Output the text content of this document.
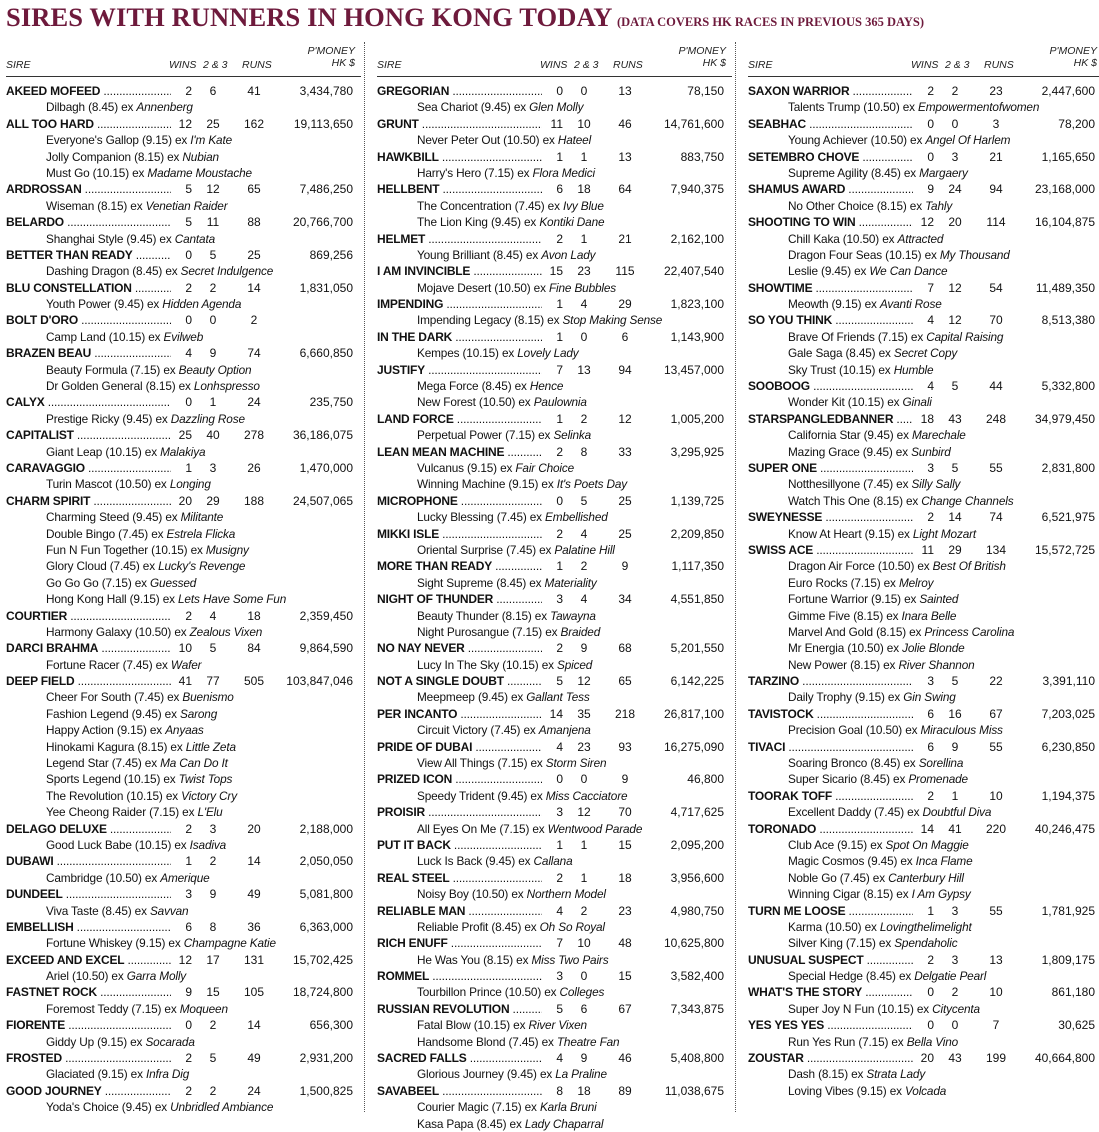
SIRES WITH RUNNERS IN HONG KONG TODAY (DATA COVERS HK RACES IN PREVIOUS 365 DAYS)
SIRE	WINS 2 & 3 RUNS
P'MONEY
HK $
AKEED MOFEED .....	2	6	41	3,434,780
Dilbagh (8.45) ex Annenberg
ALL TOO HARD .....	12	25	162	19,113,650
Everyone's Gallop (9.15) ex I'm Kate
Jolly Companion (8.15) ex Nubian
Must Go (10.15) ex Madame Moustache
ARDROSSAN .....	5	12	65	7,486,250
Wiseman (8.15) ex Venetian Raider
BELARDO .....	5	11	88	20,766,700
Shanghai Style (9.45) ex Cantata
BETTER THAN READY .....	0	5	25	869,256
Dashing Dragon (8.45) ex Secret Indulgence
BLU CONSTELLATION .....	2	2	14	1,831,050
Youth Power (9.45) ex Hidden Agenda
BOLT D'ORO .....	0	0	2
Camp Land (10.15) ex Evilweb
BRAZEN BEAU .....	4	9	74	6,660,850
Beauty Formula (7.15) ex Beauty Option
Dr Golden General (8.15) ex Lonhspresso
CALYX .....	0	1	24	235,750
Prestige Ricky (9.45) ex Dazzling Rose
CAPITALIST .....	25	40	278	36,186,075
Giant Leap (10.15) ex Malakiya
CARAVAGGIO .....	1	3	26	1,470,000
Turin Mascot (10.50) ex Longing
CHARM SPIRIT .....	20	29	188	24,507,065
Charming Steed (9.45) ex Militante
Double Bingo (7.45) ex Estrela Flicka
Fun N Fun Together (10.15) ex Musigny
Glory Cloud (7.45) ex Lucky's Revenge
Go Go Go (7.15) ex Guessed
Hong Kong Hall (9.15) ex Lets Have Some Fun
COURTIER .....	2	4	18	2,359,450
Harmony Galaxy (10.50) ex Zealous Vixen
DARCI BRAHMA .....	10	5	84	9,864,590
Fortune Racer (7.45) ex Wafer
DEEP FIELD .....	41	77	505	103,847,046
Cheer For South (7.45) ex Buenismo
Fashion Legend (9.45) ex Sarong
Happy Action (9.15) ex Anyaas
Hinokami Kagura (8.15) ex Little Zeta
Legend Star (7.45) ex Ma Can Do It
Sports Legend (10.15) ex Twist Tops
The Revolution (10.15) ex Victory Cry
Yee Cheong Raider (7.15) ex L'Elu
DELAGO DELUXE .....	2	3	20	2,188,000
Good Luck Babe (10.15) ex Isadiva
DUBAWI .....	1	2	14	2,050,050
Cambridge (10.50) ex Amerique
DUNDEEL .....	3	9	49	5,081,800
Viva Taste (8.45) ex Savvan
EMBELLISH .....	6	8	36	6,363,000
Fortune Whiskey (9.15) ex Champagne Katie
EXCEED AND EXCEL .....	12	17	131	15,702,425
Ariel (10.50) ex Garra Molly
FASTNET ROCK .....	9	15	105	18,724,800
Foremost Teddy (7.15) ex Moqueen
FIORENTE .....	0	2	14	656,300
Giddy Up (9.15) ex Socarada
FROSTED .....	2	5	49	2,931,200
Glaciated (9.15) ex Infra Dig
GOOD JOURNEY .....	2	2	24	1,500,825
Yoda's Choice (9.45) ex Unbridled Ambiance
SIRE	WINS 2 & 3 RUNS
P'MONEY
HK $
GREGORIAN .....	0	0	13	78,150
Sea Chariot (9.45) ex Glen Molly
GRUNT .....	11	10	46	14,761,600
Never Peter Out (10.50) ex Hateel
HAWKBILL .....	1	1	13	883,750
Harry's Hero (7.15) ex Flora Medici
HELLBENT .....	6	18	64	7,940,375
The Concentration (7.45) ex Ivy Blue
The Lion King (9.45) ex Kontiki Dane
HELMET .....	2	1	21	2,162,100
Young Brilliant (8.45) ex Avon Lady
I AM INVINCIBLE .....	15	23	115	22,407,540
Mojave Desert (10.50) ex Fine Bubbles
IMPENDING .....	1	4	29	1,823,100
Impending Legacy (8.15) ex Stop Making Sense
IN THE DARK .....	1	0	6	1,143,900
Kempes (10.15) ex Lovely Lady
JUSTIFY .....	7	13	94	13,457,000
Mega Force (8.45) ex Hence
New Forest (10.50) ex Paulownia
LAND FORCE .....	1	2	12	1,005,200
Perpetual Power (7.15) ex Selinka
LEAN MEAN MACHINE .....	2	8	33	3,295,925
Vulcanus (9.15) ex Fair Choice
Winning Machine (9.15) ex It's Poets Day
MICROPHONE .....	0	5	25	1,139,725
Lucky Blessing (7.45) ex Embellished
MIKKI ISLE .....	2	4	25	2,209,850
Oriental Surprise (7.45) ex Palatine Hill
MORE THAN READY .....	1	2	9	1,117,350
Sight Supreme (8.45) ex Materiality
NIGHT OF THUNDER .....	3	4	34	4,551,850
Beauty Thunder (8.15) ex Tawayna
Night Purosangue (7.15) ex Braided
NO NAY NEVER .....	2	9	68	5,201,550
Lucy In The Sky (10.15) ex Spiced
NOT A SINGLE DOUBT .....	5	12	65	6,142,225
Meepmeep (9.45) ex Gallant Tess
PER INCANTO .....	14	35	218	26,817,100
Circuit Victory (7.45) ex Amanjena
PRIDE OF DUBAI .....	4	23	93	16,275,090
View All Things (7.15) ex Storm Siren
PRIZED ICON .....	0	0	9	46,800
Speedy Trident (9.45) ex Miss Cacciatore
PROISIR .....	3	12	70	4,717,625
All Eyes On Me (7.15) ex Wentwood Parade
PUT IT BACK .....	1	1	15	2,095,200
Luck Is Back (9.45) ex Callana
REAL STEEL .....	2	1	18	3,956,600
Noisy Boy (10.50) ex Northern Model
RELIABLE MAN .....	4	2	23	4,980,750
Reliable Profit (8.45) ex Oh So Royal
RICH ENUFF .....	7	10	48	10,625,800
He Was You (8.15) ex Miss Two Pairs
ROMMEL .....	3	0	15	3,582,400
Tourbillon Prince (10.50) ex Colleges
RUSSIAN REVOLUTION .....	5	6	67	7,343,875
Fatal Blow (10.15) ex River Vixen
Handsome Blond (7.45) ex Theatre Fan
SACRED FALLS .....	4	9	46	5,408,800
Glorious Journey (9.45) ex La Praline
SAVABEEL .....	8	18	89	11,038,675
Courier Magic (7.15) ex Karla Bruni
Kasa Papa (8.45) ex Lady Chaparral
SIRE	WINS 2 & 3 RUNS
P'MONEY
HK $
SAXON WARRIOR .....	2	2	23	2,447,600
Talents Trump (10.50) ex Empowermentofwomen
SEABHAC .....	0	0	3	78,200
Young Achiever (10.50) ex Angel Of Harlem
SETEMBRO CHOVE .....	0	3	21	1,165,650
Supreme Agility (8.45) ex Margaery
SHAMUS AWARD .....	9	24	94	23,168,000
No Other Choice (8.15) ex Tahly
SHOOTING TO WIN .....	12	20	114	16,104,875
Chill Kaka (10.50) ex Attracted
Dragon Four Seas (10.15) ex My Thousand
Leslie (9.45) ex We Can Dance
SHOWTIME .....	7	12	54	11,489,350
Meowth (9.15) ex Avanti Rose
SO YOU THINK .....	4	12	70	8,513,380
Brave Of Friends (7.15) ex Capital Raising
Gale Saga (8.45) ex Secret Copy
Sky Trust (10.15) ex Humble
SOOBOOG .....	4	5	44	5,332,800
Wonder Kit (10.15) ex Ginali
STARSPANGLEDBANNER .....	18	43	248	34,979,450
California Star (9.45) ex Marechale
Mazing Grace (9.45) ex Sunbird
SUPER ONE .....	3	5	55	2,831,800
Notthesillyone (7.45) ex Silly Sally
Watch This One (8.15) ex Change Channels
SWEYNESSE .....	2	14	74	6,521,975
Know At Heart (9.15) ex Light Mozart
SWISS ACE .....	11	29	134	15,572,725
Dragon Air Force (10.50) ex Best Of British
Euro Rocks (7.15) ex Melroy
Fortune Warrior (9.15) ex Sainted
Gimme Five (8.15) ex Inara Belle
Marvel And Gold (8.15) ex Princess Carolina
Mr Energia (10.50) ex Jolie Blonde
New Power (8.15) ex River Shannon
TARZINO .....	3	5	22	3,391,110
Daily Trophy (9.15) ex Gin Swing
TAVISTOCK .....	6	16	67	7,203,025
Precision Goal (10.50) ex Miraculous Miss
TIVACI .....	6	9	55	6,230,850
Soaring Bronco (8.45) ex Sorellina
Super Sicario (8.45) ex Promenade
TOORAK TOFF .....	2	1	10	1,194,375
Excellent Daddy (7.45) ex Doubtful Diva
TORONADO .....	14	41	220	40,246,475
Club Ace (9.15) ex Spot On Maggie
Magic Cosmos (9.45) ex Inca Flame
Noble Go (7.45) ex Canterbury Hill
Winning Cigar (8.15) ex I Am Gypsy
TURN ME LOOSE .....	1	3	55	1,781,925
Karma (10.50) ex Lovingthelimelight
Silver King (7.15) ex Spendaholic
UNUSUAL SUSPECT .....	2	3	13	1,809,175
Special Hedge (8.45) ex Delgatie Pearl
WHAT'S THE STORY .....	0	2	10	861,180
Super Joy N Fun (10.15) ex Citycenta
YES YES YES .....	0	0	7	30,625
Run Yes Run (7.15) ex Bella Vino
ZOUSTAR .....	20	43	199	40,664,800
Dash (8.15) ex Strata Lady
Loving Vibes (9.15) ex Volcada
